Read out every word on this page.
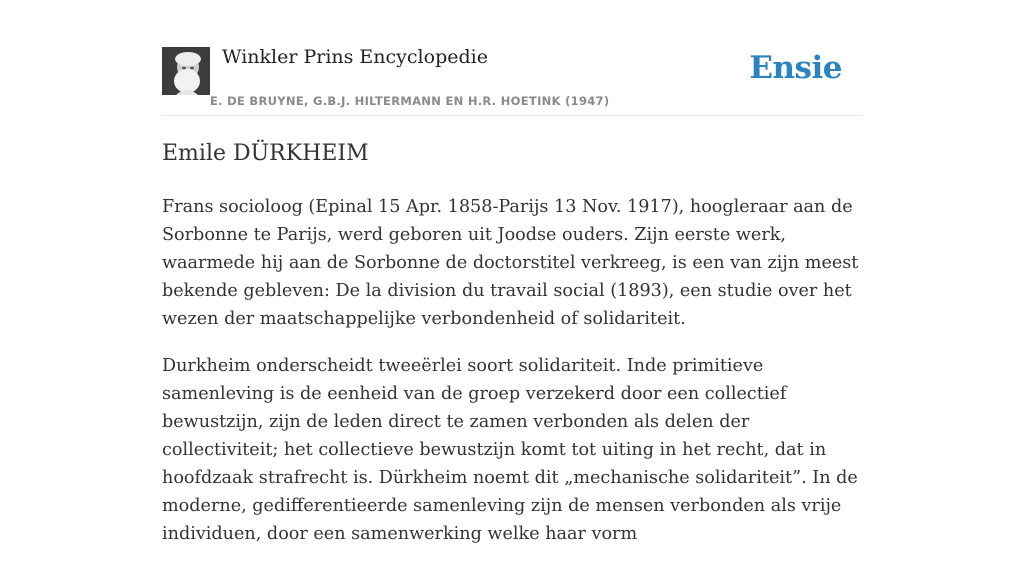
Winkler Prins Encyclopedie
E. DE BRUYNE, G.B.J. HILTERMANN EN H.R. HOETINK (1947)
Ensie
Emile DÜRKHEIM

Frans socioloog (Epinal 15 Apr. 1858-Parijs 13 Nov. 1917), hoogleraar aan de Sorbonne te Parijs, werd geboren uit Joodse ouders. Zijn eerste werk, waarmede hij aan de Sorbonne de doctorstitel verkreeg, is een van zijn meest bekende gebleven: De la division du travail social (1893), een studie over het wezen der maatschappelijke verbondenheid of solidariteit.

Durkheim onderscheidt tweeërlei soort solidariteit. Inde primitieve samenleving is de eenheid van de groep verzekerd door een collectief bewustzijn, zijn de leden direct te zamen verbonden als delen der collectiviteit; het collectieve bewustzijn komt tot uiting in het recht, dat in hoofdzaak strafrecht is. Dürkheim noemt dit „mechanische solidariteit”. In de moderne, gedifferentieerde samenleving zijn de mensen verbonden als vrije individuen, door een samenwerking welke haar vorm
